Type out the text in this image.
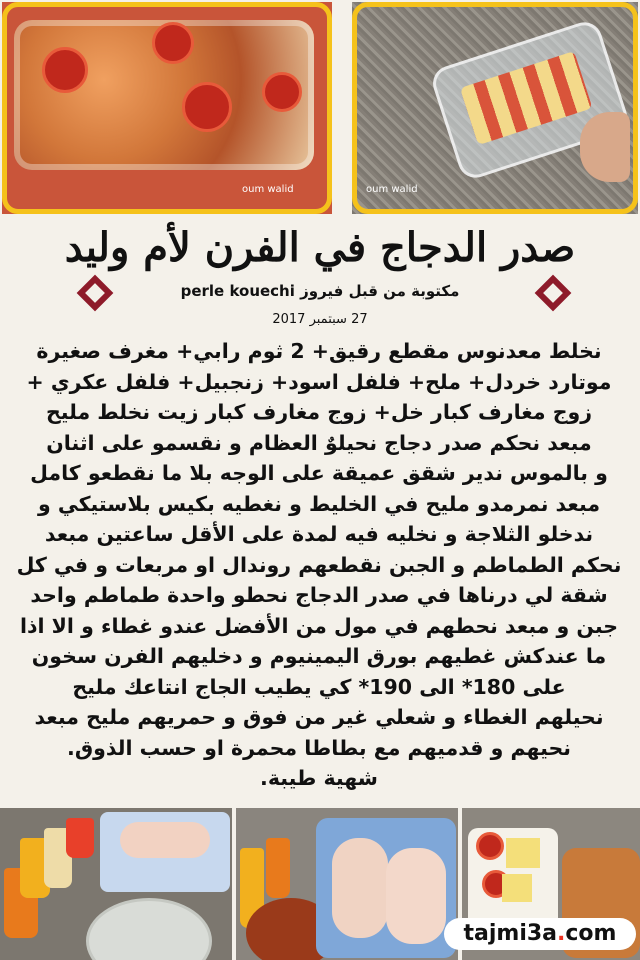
oum walid	oum walid
صدر الدجاج في الفرن لأم وليد
مكتوبة من قبل فيروز perle kouechi
27 سبتمبر 2017
نخلط معدنوس مقطع رقيق+ 2 ثوم رابي+ مغرف صغيرة
موتارد خردل+ ملح+ فلفل اسود+ زنجبيل+ فلفل عكري +
زوج مغارف كبار خل+ زوج مغارف كبار زيت نخلط مليح
مبعد نحكم صدر دجاج نحيلوٌ العظام و نقسمو على اثنان
و بالموس ندير شقق عميقة على الوجه بلا ما نقطعو كامل
مبعد نمرمدو مليح في الخليط و نغطيه بكيس بلاستيكي و
ندخلو الثلاجة و نخليه فيه لمدة على الأقل ساعتين مبعد
نحكم الطماطم و الجبن نقطعهم روندال او مربعات و في كل
شقة لي درناها في صدر الدجاج نحطو واحدة طماطم واحد
جبن و مبعد نحطهم في مول من الأفضل عندو غطاء و الا اذا
ما عندكش غطيهم بورق اليمينيوم و دخليهم الفرن سخون
على 180* الى 190* كي يطيب الجاج انتاعك مليح
نحيلهم الغطاء و شعلي غير من فوق و حمريهم مليح مبعد
نحيهم و قدميهم مع بطاطا محمرة او حسب الذوق.
شهية طيبة.
tajmi3a.com
